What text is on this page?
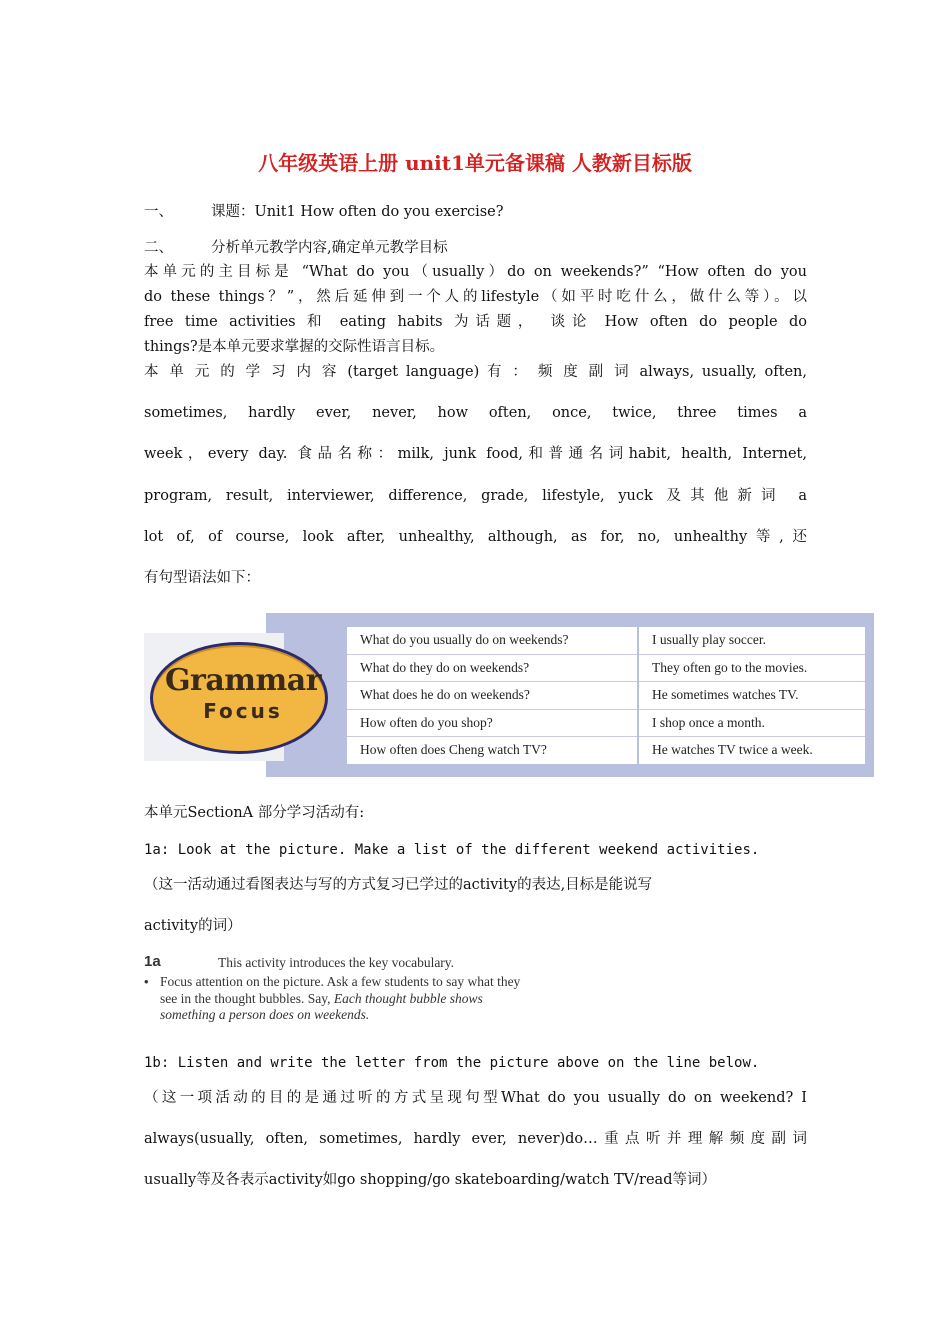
八年级英语上册 unit1单元备课稿 人教新目标版
一、	课题：Unit1 How often do you exercise?
二、	分析单元教学内容,确定单元教学目标
本单元的主目标是 “What do you（usually）do on weekends?” “How often do you
do these things？”，然后延伸到一个人的lifestyle（如平时吃什么，做什么等）。以
free time activities 和 eating habits 为话题， 谈论 How often do people do
things?是本单元要求掌握的交际性语言目标。
本 单 元 的 学 习 内 容 (target language) 有 ： 频 度 副 词 always, usually, often,
sometimes, hardly ever, never, how often, once, twice, three times a
week，every day. 食品名称：milk, junk food,和普通名词habit, health, Internet,
program, result, interviewer, difference, grade, lifestyle, yuck 及其他新词 a
lot of, of course, look after, unhealthy, although, as for, no, unhealthy等,还
有句型语法如下：
Grammar
Focus
What do you usually do on weekends?	I usually play soccer.
What do they do on weekends?	They often go to the movies.
What does he do on weekends?	He sometimes watches TV.
How often do you shop?	I shop once a month.
How often does Cheng watch TV?	He watches TV twice a week.
本单元SectionA 部分学习活动有:
1a: Look at the picture. Make a list of the different weekend activities.
（这一活动通过看图表达与写的方式复习已学过的activity的表达,目标是能说写
activity的词）
1a	This activity introduces the key vocabulary.
• Focus attention on the picture. Ask a few students to say what they see in the thought bubbles. Say, Each thought bubble shows something a person does on weekends.
1b: Listen and write the letter from the picture above on the line below.
（这一项活动的目的是通过听的方式呈现句型What do you usually do on weekend? I
always(usually, often, sometimes, hardly ever, never)do…重点听并理解频度副词
usually等及各表示activity如go shopping/go skateboarding/watch TV/read等词）
